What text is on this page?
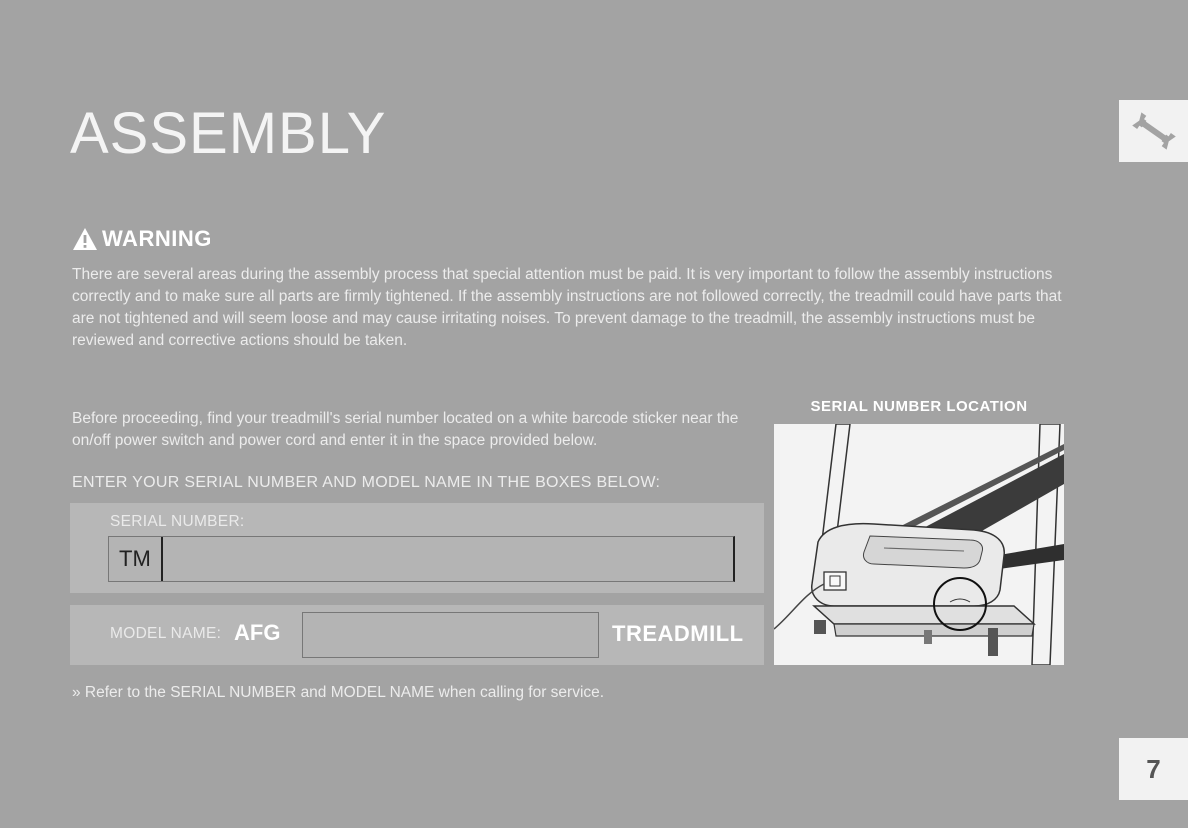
ASSEMBLY
WARNING

There are several areas during the assembly process that special attention must be paid. It is very important to follow the assembly instructions correctly and to make sure all parts are firmly tightened. If the assembly instructions are not followed correctly, the treadmill could have parts that are not tightened and will seem loose and may cause irritating noises. To prevent damage to the treadmill, the assembly instructions must be reviewed and corrective actions should be taken.

Before proceeding, find your treadmill's serial number located on a white barcode sticker near the on/off power switch and power cord and enter it in the space provided below.

ENTER YOUR SERIAL NUMBER AND MODEL NAME IN THE BOXES BELOW:

SERIAL NUMBER:
TM
MODEL NAME: AFG	TREADMILL

» Refer to the SERIAL NUMBER and MODEL NAME when calling for service.

SERIAL NUMBER LOCATION
7
